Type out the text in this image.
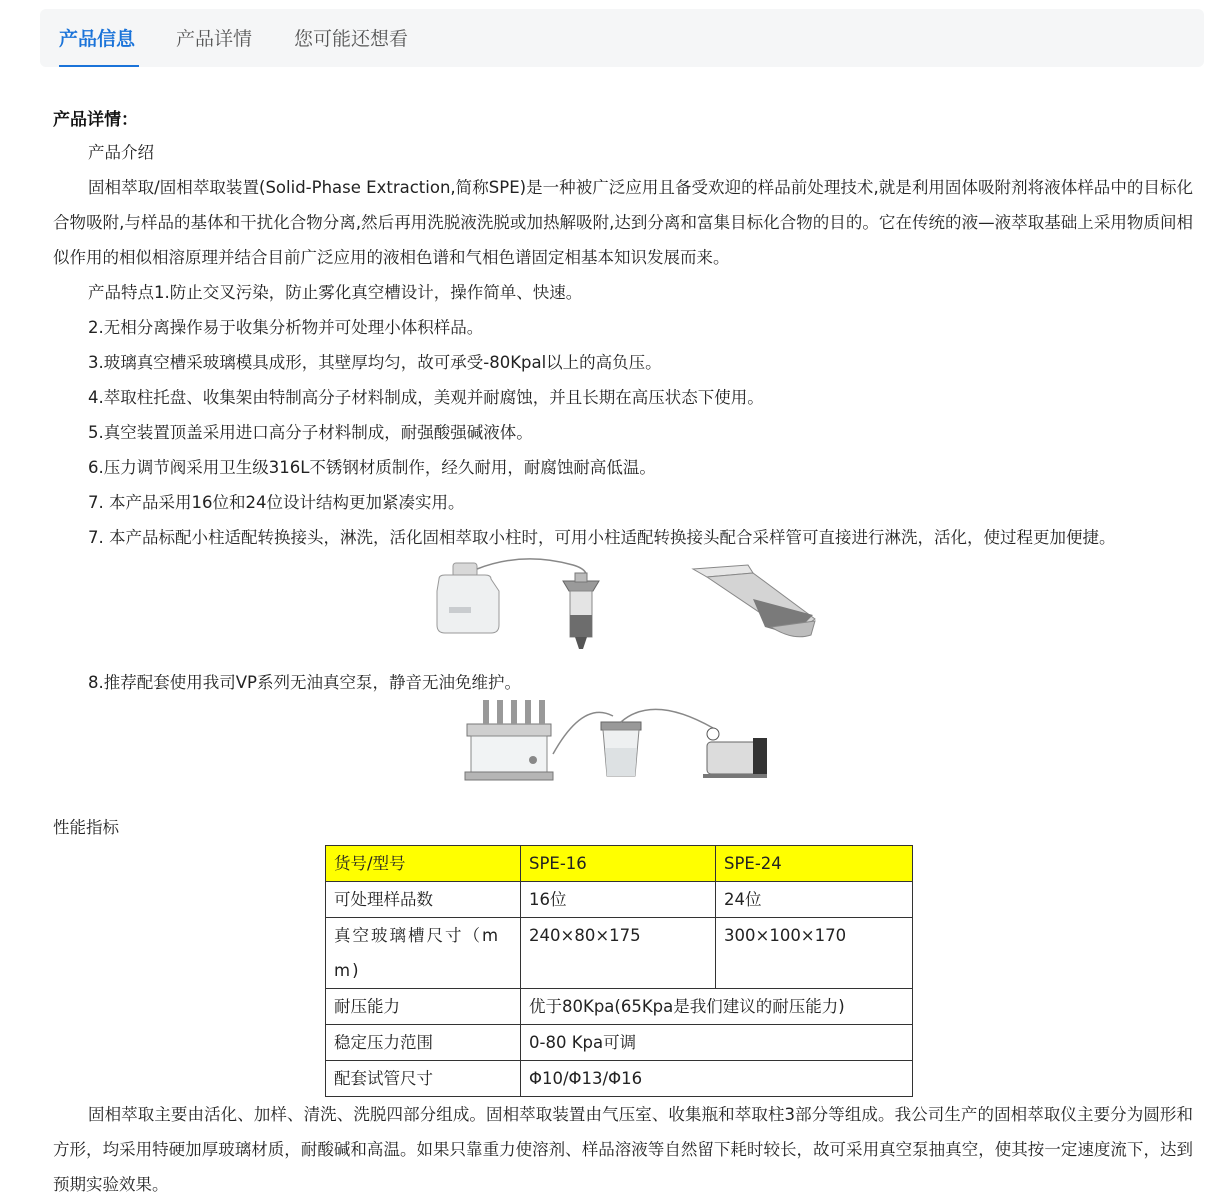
产品信息 产品详情 您可能还想看
产品详情：

产品介绍

固相萃取/固相萃取装置(Solid-Phase Extraction,简称SPE)是一种被广泛应用且备受欢迎的样品前处理技术,就是利用固体吸附剂将液体样品中的目标化合物吸附,与样品的基体和干扰化合物分离,然后再用洗脱液洗脱或加热解吸附,达到分离和富集目标化合物的目的。它在传统的液—液萃取基础上采用物质间相似作用的相似相溶原理并结合目前广泛应用的液相色谱和气相色谱固定相基本知识发展而来。

产品特点1.防止交叉污染，防止雾化真空槽设计，操作简单、快速。

2.无相分离操作易于收集分析物并可处理小体积样品。

3.玻璃真空槽采玻璃模具成形，其壁厚均匀，故可承受-80Kpal以上的高负压。

4.萃取柱托盘、收集架由特制高分子材料制成，美观并耐腐蚀，并且长期在高压状态下使用。

5.真空装置顶盖采用进口高分子材料制成，耐强酸强碱液体。

6.压力调节阀采用卫生级316L不锈钢材质制作，经久耐用，耐腐蚀耐高低温。

7. 本产品采用16位和24位设计结构更加紧凑实用。

7. 本产品标配小柱适配转换接头，淋洗，活化固相萃取小柱时，可用小柱适配转换接头配合采样管可直接进行淋洗，活化，使过程更加便捷。

8.推荐配套使用我司VP系列无油真空泵，静音无油免维护。

性能指标

货号/型号	SPE-16	SPE-24
可处理样品数	16位	24位
真空玻璃槽尺寸（mm)	240×80×175	300×100×170
耐压能力	优于80Kpa(65Kpa是我们建议的耐压能力)	
稳定压力范围	0-80 Kpa可调	
配套试管尺寸	Φ10/Φ13/Φ16	

固相萃取主要由活化、加样、清洗、洗脱四部分组成。固相萃取装置由气压室、收集瓶和萃取柱3部分等组成。我公司生产的固相萃取仪主要分为圆形和方形，均采用特硬加厚玻璃材质，耐酸碱和高温。如果只靠重力使溶剂、样品溶液等自然留下耗时较长，故可采用真空泵抽真空，使其按一定速度流下，达到预期实验效果。
